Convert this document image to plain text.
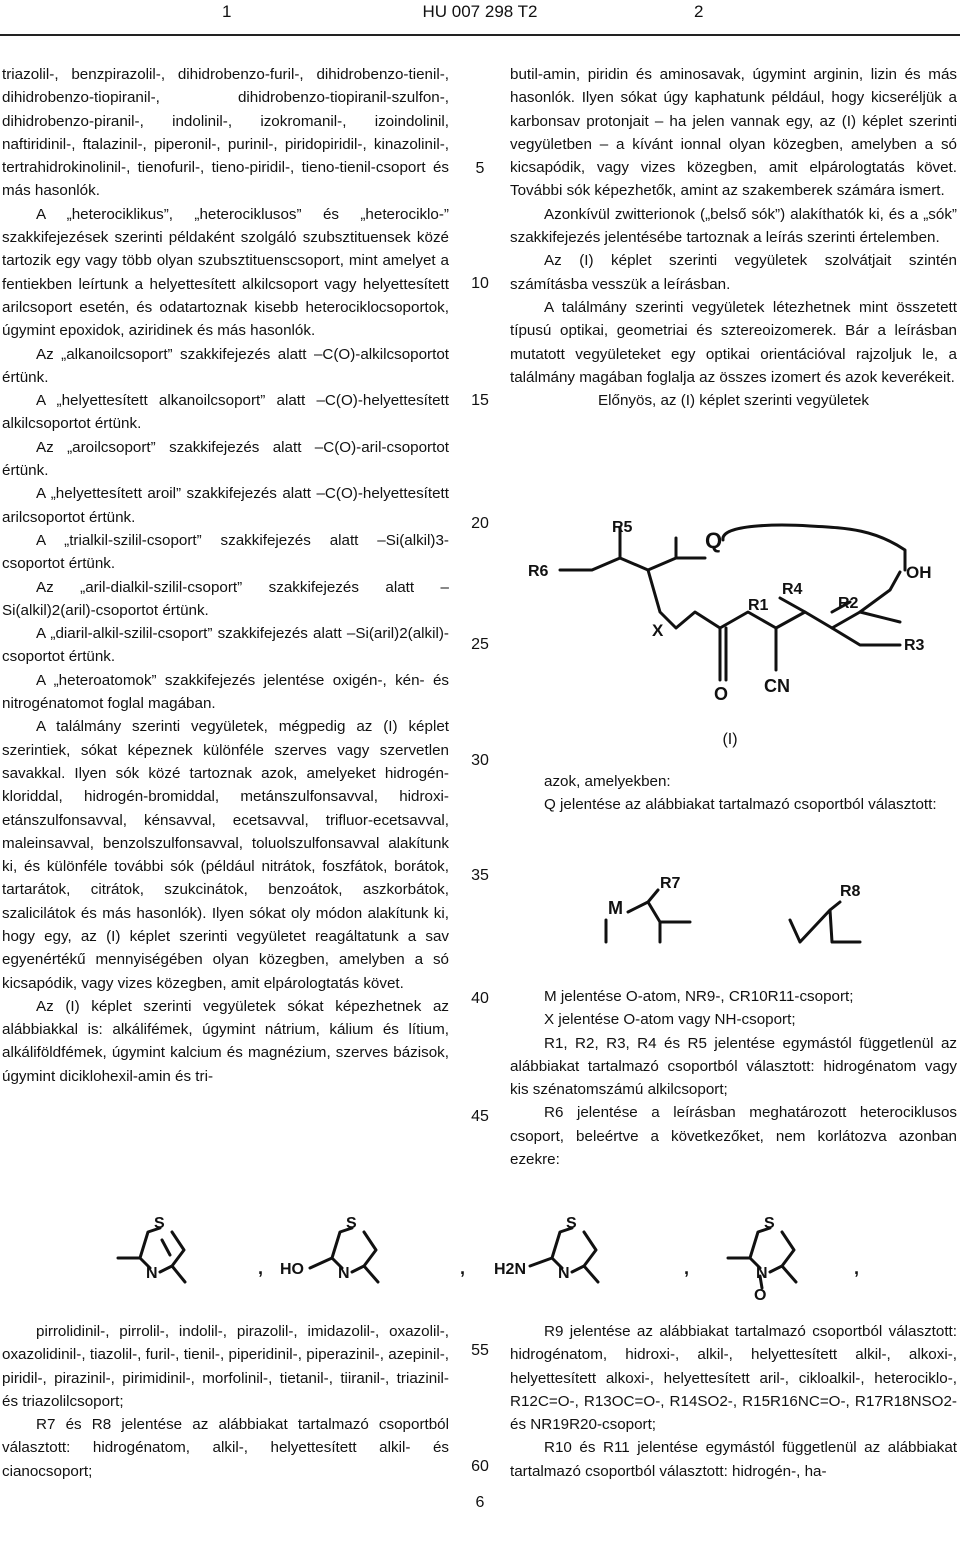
1	HU 007 298 T2	2

triazolil-, benzpirazolil-, dihidrobenzo-furil-, dihidrobenzo-tienil-, dihidrobenzo-tiopiranil-, dihidrobenzo-tiopiranil-szulfon-, dihidrobenzo-piranil-, indolinil-, izokromanil-, izoindolinil, naftiridinil-, ftalazinil-, piperonil-, purinil-, piridopiridil-, kinazolinil-, tertrahidrokinolinil-, tienofuril-, tieno-piridil-, tieno-tienil-csoport és más hasonlók.

A „heterociklikus”, „heterociklusos” és „heterociklo-” szakkifejezések szerinti példaként szolgáló szubsztituensek közé tartozik egy vagy több olyan szubsztituenscsoport, mint amelyet a fentiekben leírtunk a helyettesített alkilcsoport vagy helyettesített arilcsoport esetén, és odatartoznak kisebb heterociklocsoportok, úgymint epoxidok, aziridinek és más hasonlók.

Az „alkanoilcsoport” szakkifejezés alatt –C(O)-alkilcsoportot értünk.

A „helyettesített alkanoilcsoport” alatt –C(O)-helyettesített alkilcsoportot értünk.

Az „aroilcsoport” szakkifejezés alatt –C(O)-aril-csoportot értünk.

A „helyettesített aroil” szakkifejezés alatt –C(O)-helyettesített arilcsoportot értünk.

A „trialkil-szilil-csoport” szakkifejezés alatt –Si(alkil)3-csoportot értünk.

Az „aril-dialkil-szilil-csoport” szakkifejezés alatt –Si(alkil)2(aril)-csoportot értünk.

A „diaril-alkil-szilil-csoport” szakkifejezés alatt –Si(aril)2(alkil)-csoportot értünk.

A „heteroatomok” szakkifejezés jelentése oxigén-, kén- és nitrogénatomot foglal magában.

A találmány szerinti vegyületek, mégpedig az (I) képlet szerintiek, sókat képeznek különféle szerves vagy szervetlen savakkal. Ilyen sók közé tartoznak azok, amelyeket hidrogén-kloriddal, hidrogén-bromiddal, metánszulfonsavval, hidroxi-etánszulfonsavval, kénsavval, ecetsavval, trifluor-ecetsavval, maleinsavval, benzolszulfonsavval, toluolszulfonsavval alakítunk ki, és különféle további sók (például nitrátok, foszfátok, borátok, tartarátok, citrátok, szukcinátok, benzoátok, aszkorbátok, szalicilátok és más hasonlók). Ilyen sókat oly módon alakítunk ki, hogy egy, az (I) képlet szerinti vegyületet reagáltatunk a sav egyenértékű mennyiségében olyan közegben, amelyben a só kicsapódik, vagy vizes közegben, amit elpárologtatás követ.

Az (I) képlet szerinti vegyületek sókat képezhetnek az alábbiakkal is: alkálifémek, úgymint nátrium, kálium és lítium, alkáliföldfémek, úgymint kalcium és magnézium, szerves bázisok, úgymint diciklohexil-amin és tri-

butil-amin, piridin és aminosavak, úgymint arginin, lizin és más hasonlók. Ilyen sókat úgy kaphatunk például, hogy kicseréljük a karbonsav protonjait – ha jelen vannak egy, az (I) képlet szerinti vegyületben – a kívánt ionnal olyan közegben, amelyben a só kicsapódik, vagy vizes közegben, amit elpárologtatás követ. További sók képezhetők, amint az szakemberek számára ismert.

Azonkívül zwitterionok („belső sók”) alakíthatók ki, és a „sók” szakkifejezés jelentésébe tartoznak a leírás szerinti értelemben.

Az (I) képlet szerinti vegyületek szolvátjait szintén számításba vesszük a leírásban.

A találmány szerinti vegyületek létezhetnek mint összetett típusú optikai, geometriai és sztereoizomerek. Bár a leírásban mutatott vegyületeket egy optikai orientációval rajzoljuk le, a találmány magában foglalja az összes izomert és azok keverékeit.

Előnyös, az (I) képlet szerinti vegyületek

R5
Q
R6	OH
R4
R1	R2
X
R3
O CN
(I)

azok, amelyekben:

Q jelentése az alábbiakat tartalmazó csoportból választott:

M
R7	R8

M jelentése O-atom, NR9-, CR10R11-csoport;

X jelentése O-atom vagy NH-csoport;

R1, R2, R3, R4 és R5 jelentése egymástól függetlenül az alábbiakat tartalmazó csoportból választott: hidrogénatom vagy kis szénatomszámú alkilcsoport;

R6 jelentése a leírásban meghatározott heterociklusos csoport, beleértve a következőket, nem korlátozva azonban ezekre:

S
N	HO
S
N	H2N
S
N
S
N
O
,	,	,	,

pirrolidinil-, pirrolil-, indolil-, pirazolil-, imidazolil-, oxazolil-, oxazolidinil-, tiazolil-, furil-, tienil-, piperidinil-, piperazinil-, azepinil-, piridil-, pirazinil-, pirimidinil-, morfolinil-, tietanil-, tiiranil-, triazinil- és triazolilcsoport;

R7 és R8 jelentése az alábbiakat tartalmazó csoportból választott: hidrogénatom, alkil-, helyettesített alkil- és cianocsoport;

R9 jelentése az alábbiakat tartalmazó csoportból választott: hidrogénatom, hidroxi-, alkil-, helyettesített alkil-, alkoxi-, helyettesített alkoxi-, helyettesített aril-, cikloalkil-, heterociklo-, R12C=O-, R13OC=O-, R14SO2-, R15R16NC=O-, R17R18NSO2- és NR19R20-csoport;

R10 és R11 jelentése egymástól függetlenül az alábbiakat tartalmazó csoportból választott: hidrogén-, ha-

5
10
15
20
25
30
35
40
45
55
60
6
